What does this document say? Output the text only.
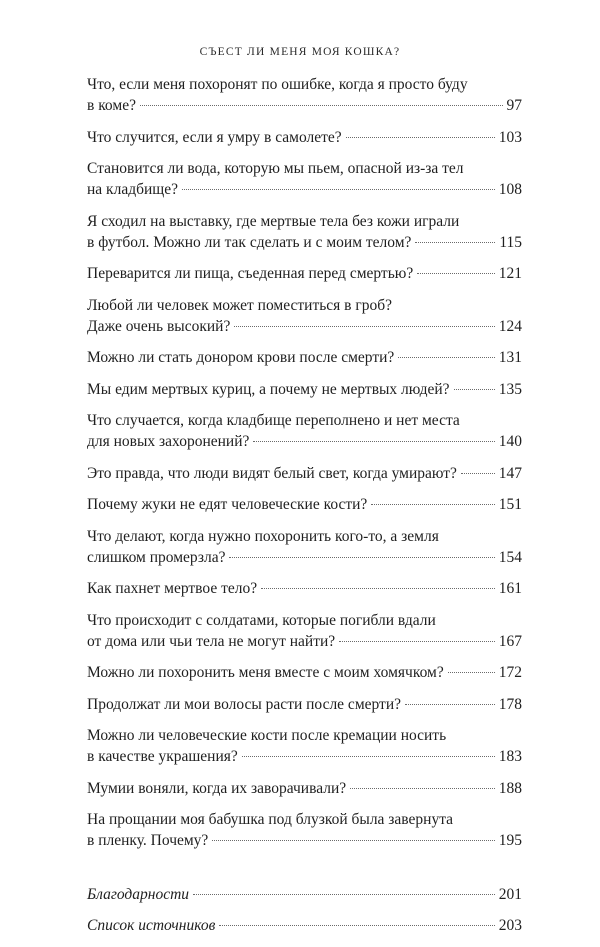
СЪЕСТ ЛИ МЕНЯ МОЯ КОШКА?
Что, если меня похоронят по ошибке, когда я просто буду
в коме?	97
Что случится, если я умру в самолете?	103
Становится ли вода, которую мы пьем, опасной из-за тел
на кладбище?	108
Я сходил на выставку, где мертвые тела без кожи играли
в футбол. Можно ли так сделать и с моим телом?	115
Переварится ли пища, съеденная перед смертью?	121
Любой ли человек может поместиться в гроб?
Даже очень высокий?	124
Можно ли стать донором крови после смерти?	131
Мы едим мертвых куриц, а почему не мертвых людей?	135
Что случается, когда кладбище переполнено и нет места
для новых захоронений?	140
Это правда, что люди видят белый свет, когда умирают?	147
Почему жуки не едят человеческие кости?	151
Что делают, когда нужно похоронить кого-то, а земля
слишком промерзла?	154
Как пахнет мертвое тело?	161
Что происходит с солдатами, которые погибли вдали
от дома или чьи тела не могут найти?	167
Можно ли похоронить меня вместе с моим хомячком?	172
Продолжат ли мои волосы расти после смерти?	178
Можно ли человеческие кости после кремации носить
в качестве украшения?	183
Мумии воняли, когда их заворачивали?	188
На прощании моя бабушка под блузкой была завернута
в пленку. Почему?	195
Благодарности	201
Список источников	203
